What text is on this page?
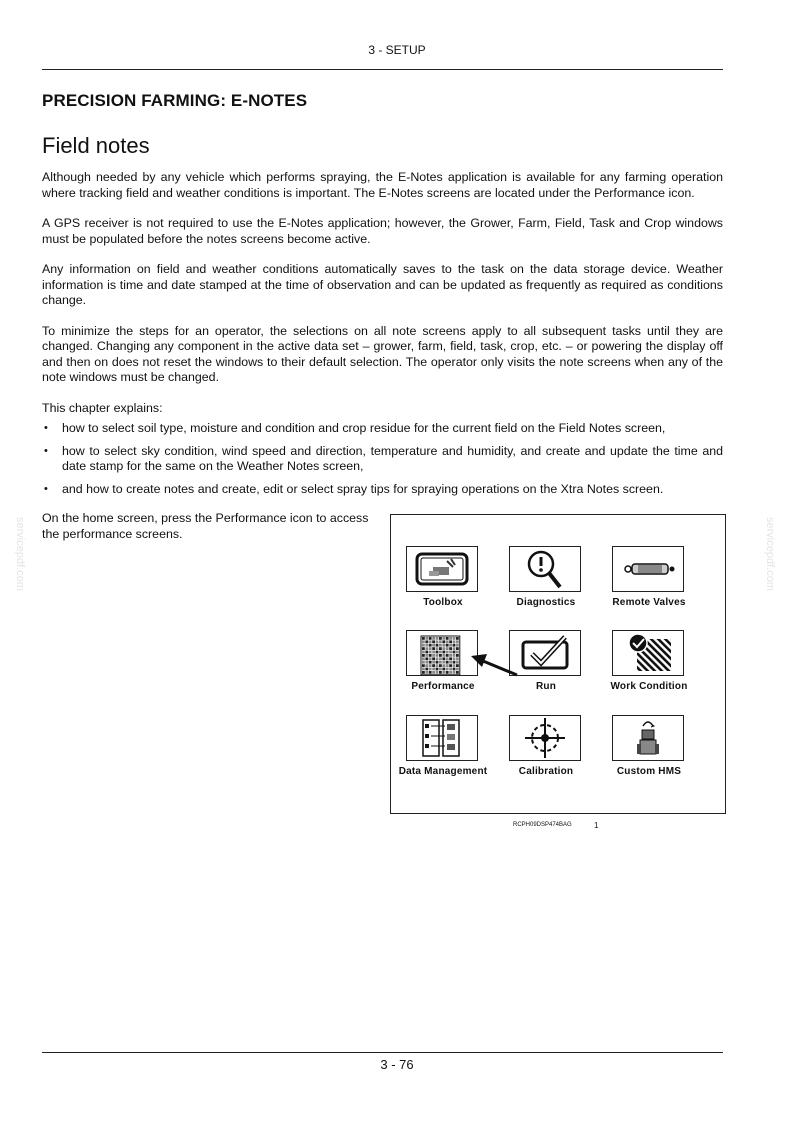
3 - SETUP
PRECISION FARMING: E-NOTES
Field notes

Although needed by any vehicle which performs spraying, the E-Notes application is available for any farming operation where tracking field and weather conditions is important. The E-Notes screens are located under the Performance icon.

A GPS receiver is not required to use the E-Notes application; however, the Grower, Farm, Field, Task and Crop windows must be populated before the notes screens become active.

Any information on field and weather conditions automatically saves to the task on the data storage device. Weather information is time and date stamped at the time of observation and can be updated as frequently as required as conditions change.

To minimize the steps for an operator, the selections on all note screens apply to all subsequent tasks until they are changed. Changing any component in the active data set – grower, farm, field, task, crop, etc. – or powering the display off and then on does not reset the windows to their default selection. The operator only visits the note screens when any of the note windows must be changed.

This chapter explains:

• how to select soil type, moisture and condition and crop residue for the current field on the Field Notes screen,
• how to select sky condition, wind speed and direction, temperature and humidity, and create and update the time and date stamp for the same on the Weather Notes screen,
• and how to create notes and create, edit or select spray tips for spraying operations on the Xtra Notes screen.
On the home screen, press the Performance icon to access the performance screens.
Toolbox	Diagnostics	Remote Valves
Performance	Run	Work Condition
Data Management	Calibration	Custom HMS
RCPH09DSP474BAG	1
servicepdf.com	servicepdf.com
3 - 76
